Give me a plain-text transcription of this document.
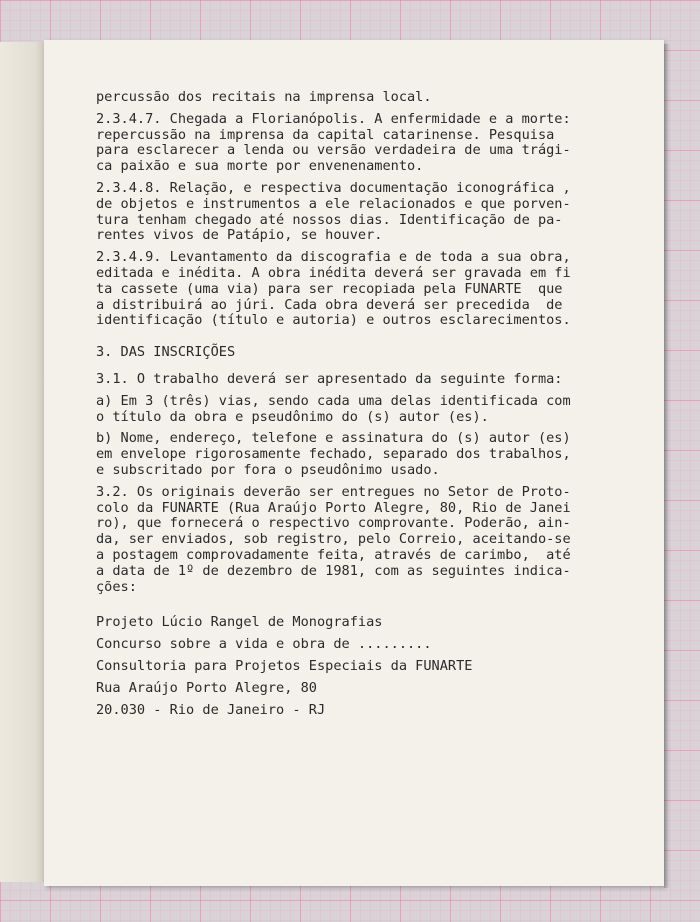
percussão dos recitais na imprensa local.
2.3.4.7. Chegada a Florianópolis. A enfermidade e a morte:
repercussão na imprensa da capital catarinense. Pesquisa
para esclarecer a lenda ou versão verdadeira de uma trági-
ca paixão e sua morte por envenenamento.
2.3.4.8. Relação, e respectiva documentação iconográfica ,
de objetos e instrumentos a ele relacionados e que porven-
tura tenham chegado até nossos dias. Identificação de pa-
rentes vivos de Patápio, se houver.
2.3.4.9. Levantamento da discografia e de toda a sua obra,
editada e inédita. A obra inédita deverá ser gravada em fi
ta cassete (uma via) para ser recopiada pela FUNARTE  que
a distribuirá ao júri. Cada obra deverá ser precedida  de
identificação (título e autoria) e outros esclarecimentos.
3. DAS INSCRIÇÕES
3.1. O trabalho deverá ser apresentado da seguinte forma:
a) Em 3 (três) vias, sendo cada uma delas identificada com
o título da obra e pseudônimo do (s) autor (es).
b) Nome, endereço, telefone e assinatura do (s) autor (es)
em envelope rigorosamente fechado, separado dos trabalhos,
e subscritado por fora o pseudônimo usado.
3.2. Os originais deverão ser entregues no Setor de Proto-
colo da FUNARTE (Rua Araújo Porto Alegre, 80, Rio de Janei
ro), que fornecerá o respectivo comprovante. Poderão, ain-
da, ser enviados, sob registro, pelo Correio, aceitando-se
a postagem comprovadamente feita, através de carimbo,  até
a data de 1º de dezembro de 1981, com as seguintes indica-
ções:
Projeto Lúcio Rangel de Monografias
Concurso sobre a vida e obra de .........
Consultoria para Projetos Especiais da FUNARTE
Rua Araújo Porto Alegre, 80
20.030 - Rio de Janeiro - RJ
